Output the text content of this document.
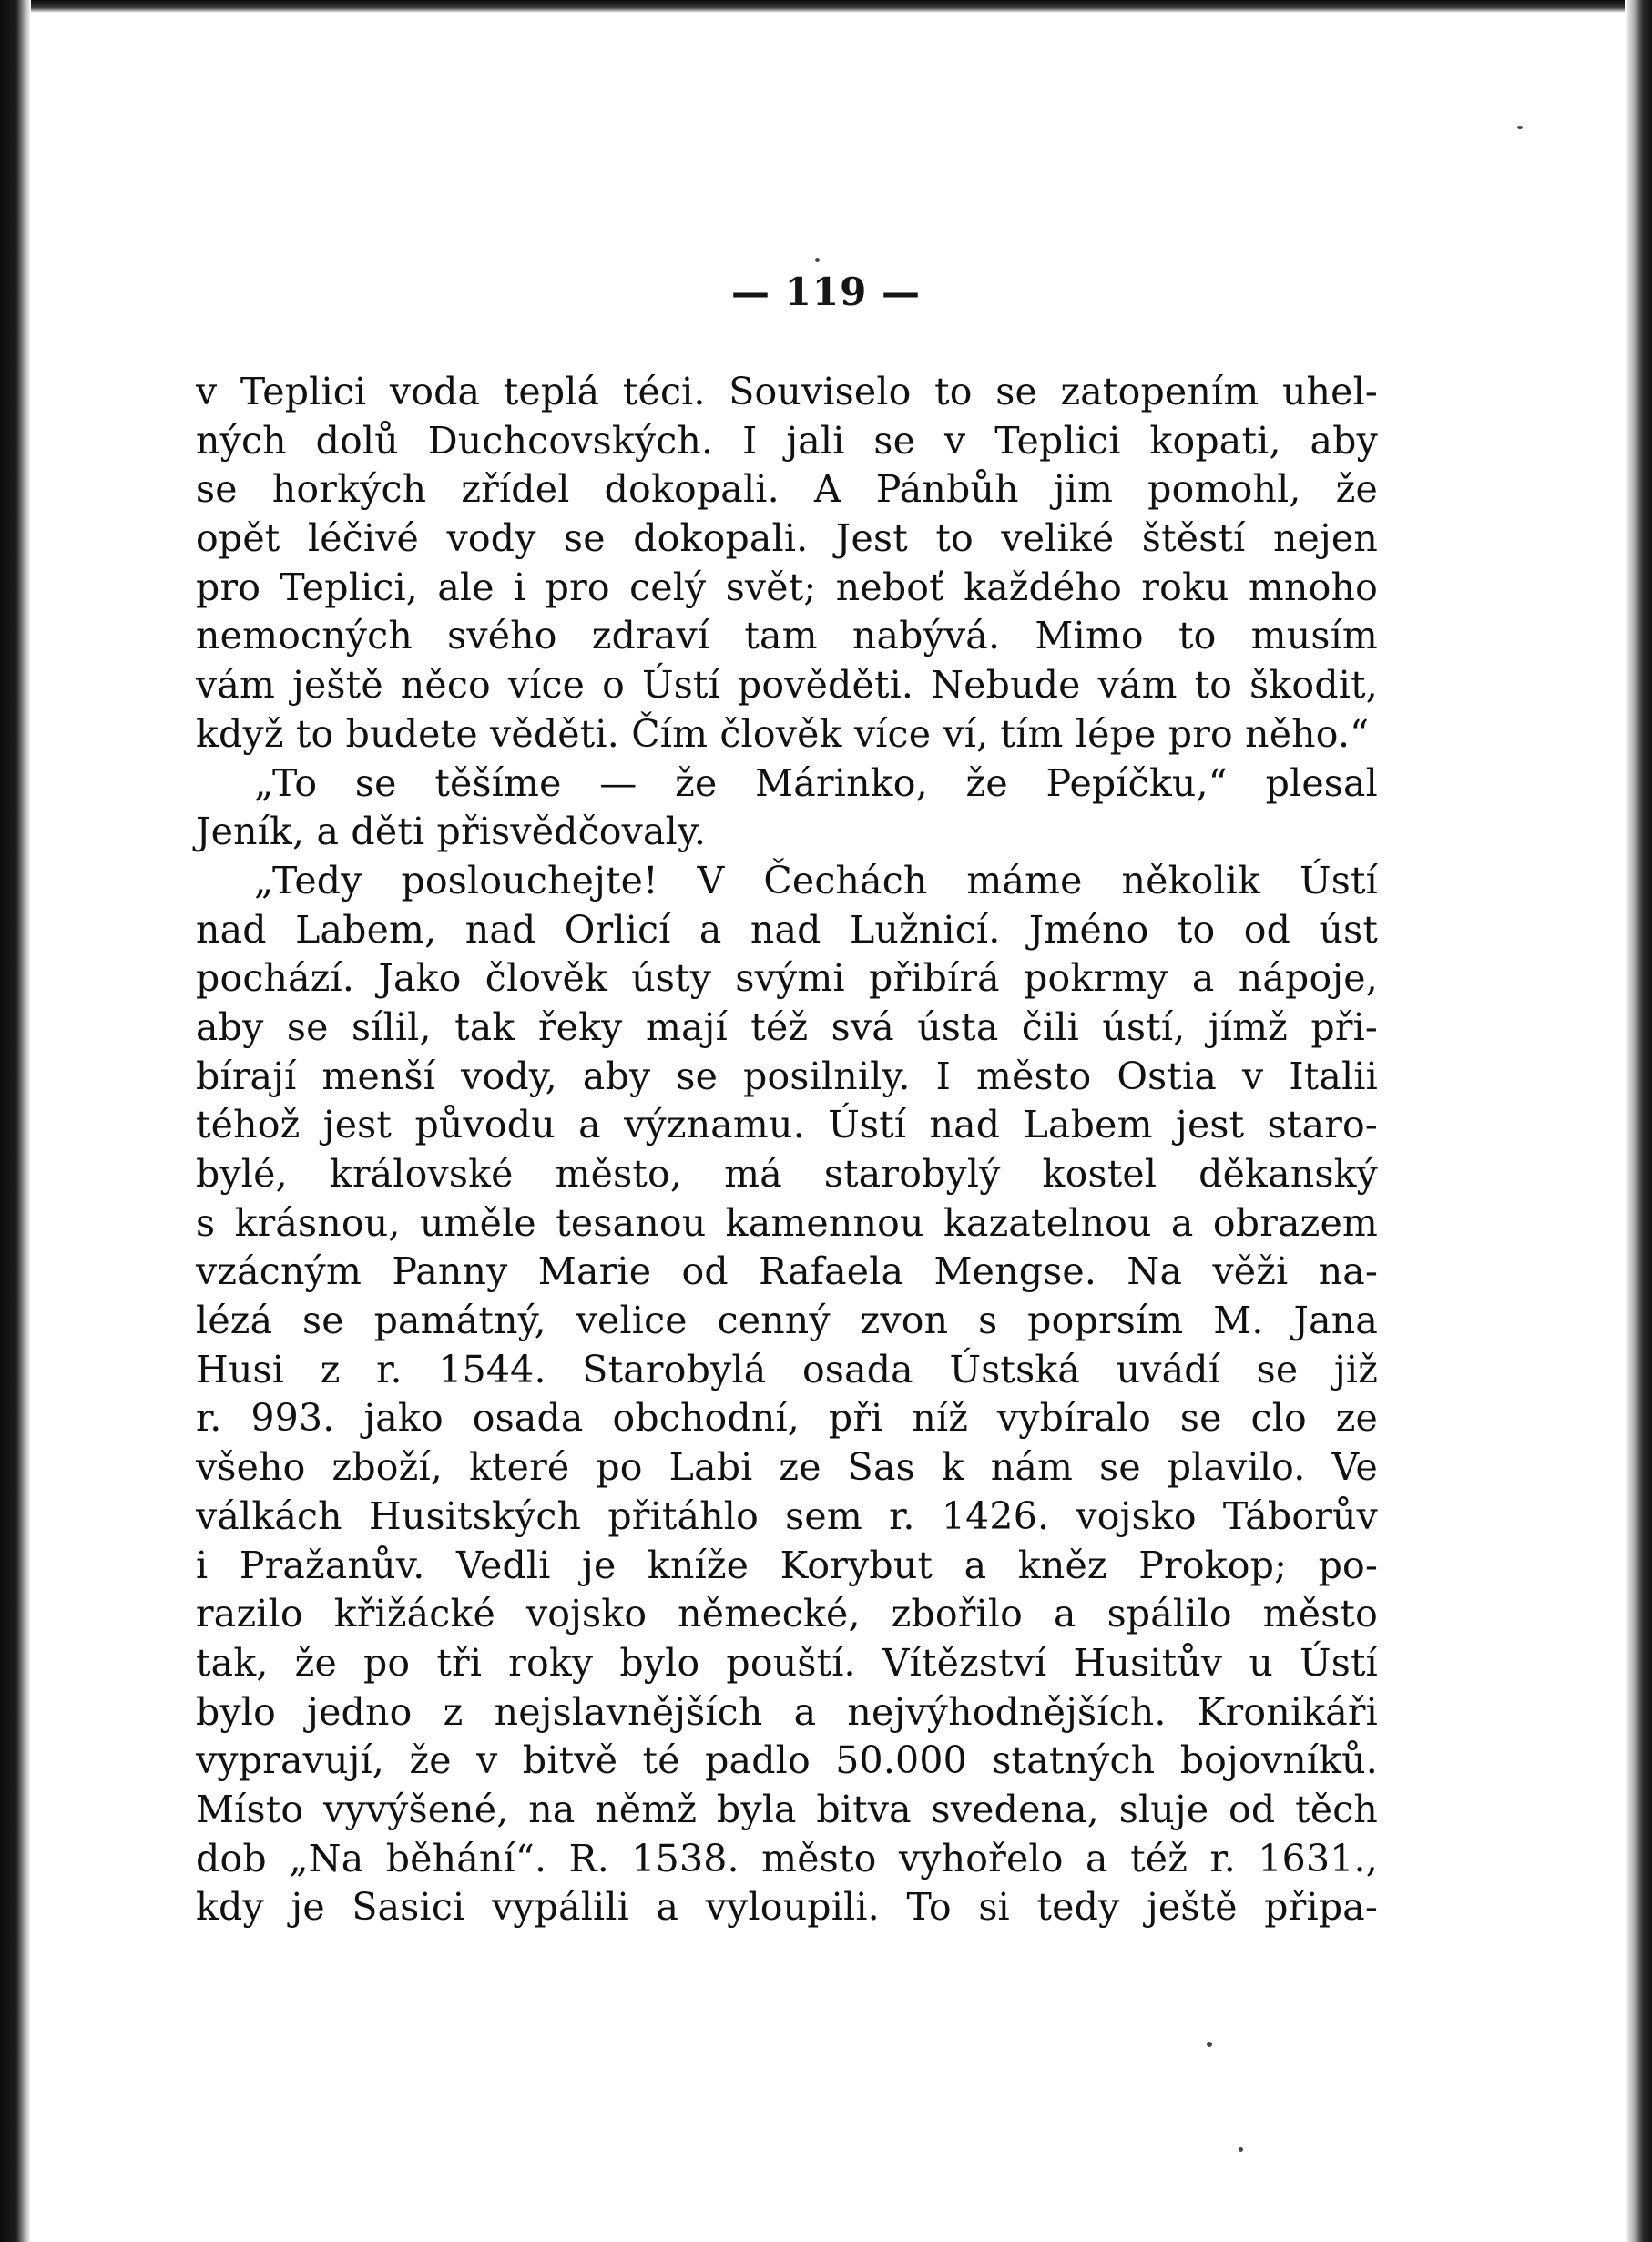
— 119 —
v Teplici voda teplá téci. Souviselo to se zatopením uhel-
ných dolů Duchcovských. I jali se v Teplici kopati, aby
se horkých zřídel dokopali. A Pánbůh jim pomohl, že
opět léčivé vody se dokopali. Jest to veliké štěstí nejen
pro Teplici, ale i pro celý svět; neboť každého roku mnoho
nemocných svého zdraví tam nabývá. Mimo to musím
vám ještě něco více o Ústí pověděti. Nebude vám to škodit,
když to budete věděti. Čím člověk více ví, tím lépe pro něho.“
„To se těšíme — že Márinko, že Pepíčku,“ plesal
Jeník, a děti přisvědčovaly.
„Tedy poslouchejte! V Čechách máme několik Ústí
nad Labem, nad Orlicí a nad Lužnicí. Jméno to od úst
pochází. Jako člověk ústy svými přibírá pokrmy a nápoje,
aby se sílil, tak řeky mají též svá ústa čili ústí, jímž při-
bírají menší vody, aby se posilnily. I město Ostia v Italii
téhož jest původu a významu. Ústí nad Labem jest staro-
bylé, královské město, má starobylý kostel děkanský
s krásnou, uměle tesanou kamennou kazatelnou a obrazem
vzácným Panny Marie od Rafaela Mengse. Na věži na-
lézá se památný, velice cenný zvon s poprsím M. Jana
Husi z r. 1544. Starobylá osada Ústská uvádí se již
r. 993. jako osada obchodní, při níž vybíralo se clo ze
všeho zboží, které po Labi ze Sas k nám se plavilo. Ve
válkách Husitských přitáhlo sem r. 1426. vojsko Táborův
i Pražanův. Vedli je kníže Korybut a kněz Prokop; po-
razilo křižácké vojsko německé, zbořilo a spálilo město
tak, že po tři roky bylo pouští. Vítězství Husitův u Ústí
bylo jedno z nejslavnějších a nejvýhodnějších. Kronikáři
vypravují, že v bitvě té padlo 50.000 statných bojovníků.
Místo vyvýšené, na němž byla bitva svedena, sluje od těch
dob „Na běhání“. R. 1538. město vyhořelo a též r. 1631.,
kdy je Sasici vypálili a vyloupili. To si tedy ještě připa-
